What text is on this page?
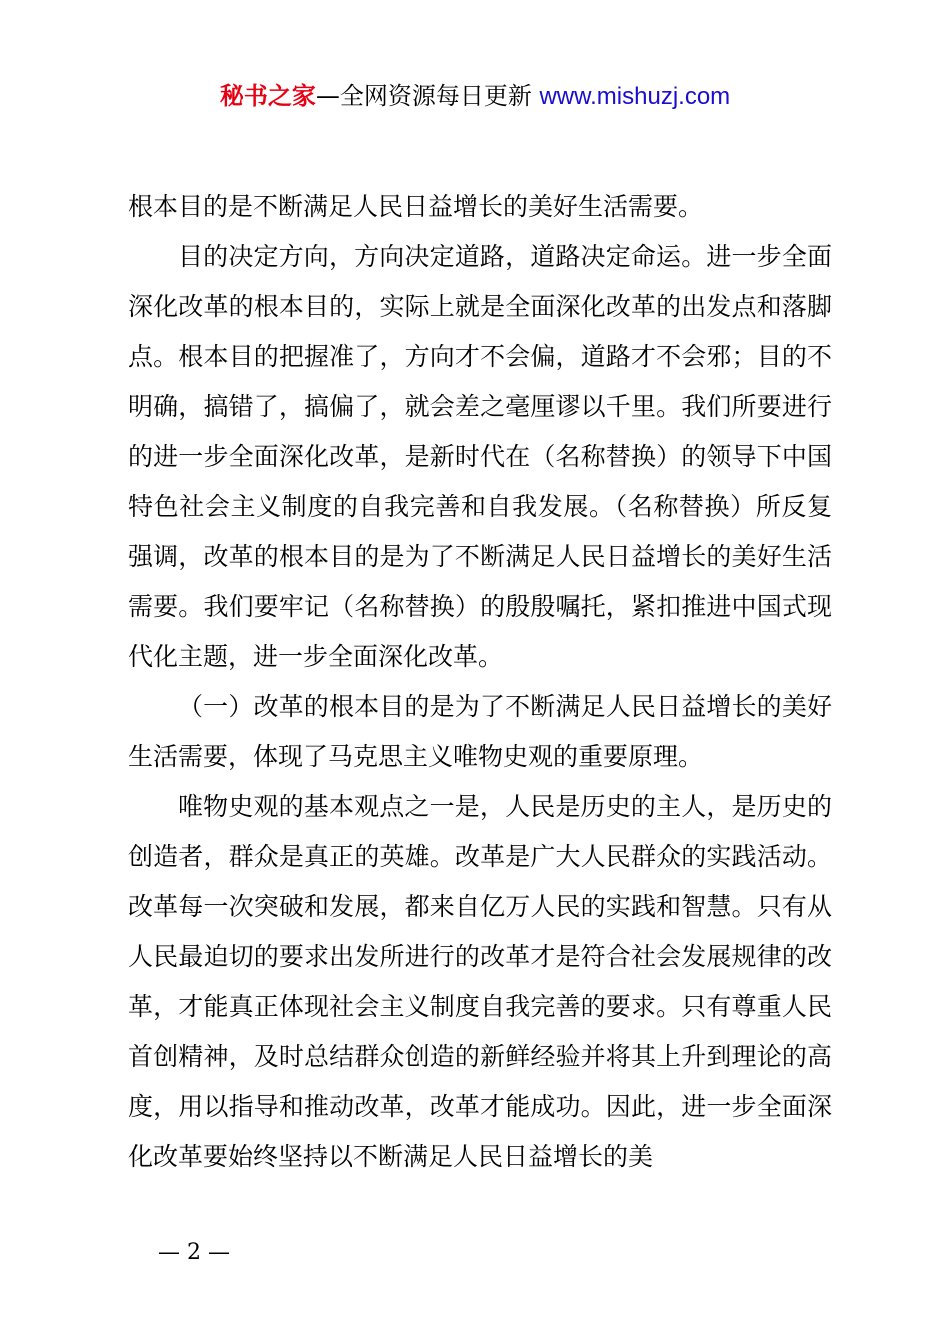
秘书之家—全网资源每日更新 www.mishuzj.com

根本目的是不断满足人民日益增长的美好生活需要。

目的决定方向，方向决定道路，道路决定命运。进一步全面深化改革的根本目的，实际上就是全面深化改革的出发点和落脚点。根本目的把握准了，方向才不会偏，道路才不会邪；目的不明确，搞错了，搞偏了，就会差之毫厘谬以千里。我们所要进行的进一步全面深化改革，是新时代在（名称替换）的领导下中国特色社会主义制度的自我完善和自我发展。（名称替换）所反复强调，改革的根本目的是为了不断满足人民日益增长的美好生活需要。我们要牢记（名称替换）的殷殷嘱托，紧扣推进中国式现代化主题，进一步全面深化改革。

（一）改革的根本目的是为了不断满足人民日益增长的美好生活需要，体现了马克思主义唯物史观的重要原理。

唯物史观的基本观点之一是，人民是历史的主人，是历史的创造者，群众是真正的英雄。改革是广大人民群众的实践活动。改革每一次突破和发展，都来自亿万人民的实践和智慧。只有从人民最迫切的要求出发所进行的改革才是符合社会发展规律的改革，才能真正体现社会主义制度自我完善的要求。只有尊重人民首创精神，及时总结群众创造的新鲜经验并将其上升到理论的高度，用以指导和推动改革，改革才能成功。因此，进一步全面深化改革要始终坚持以不断满足人民日益增长的美

— 2 —
